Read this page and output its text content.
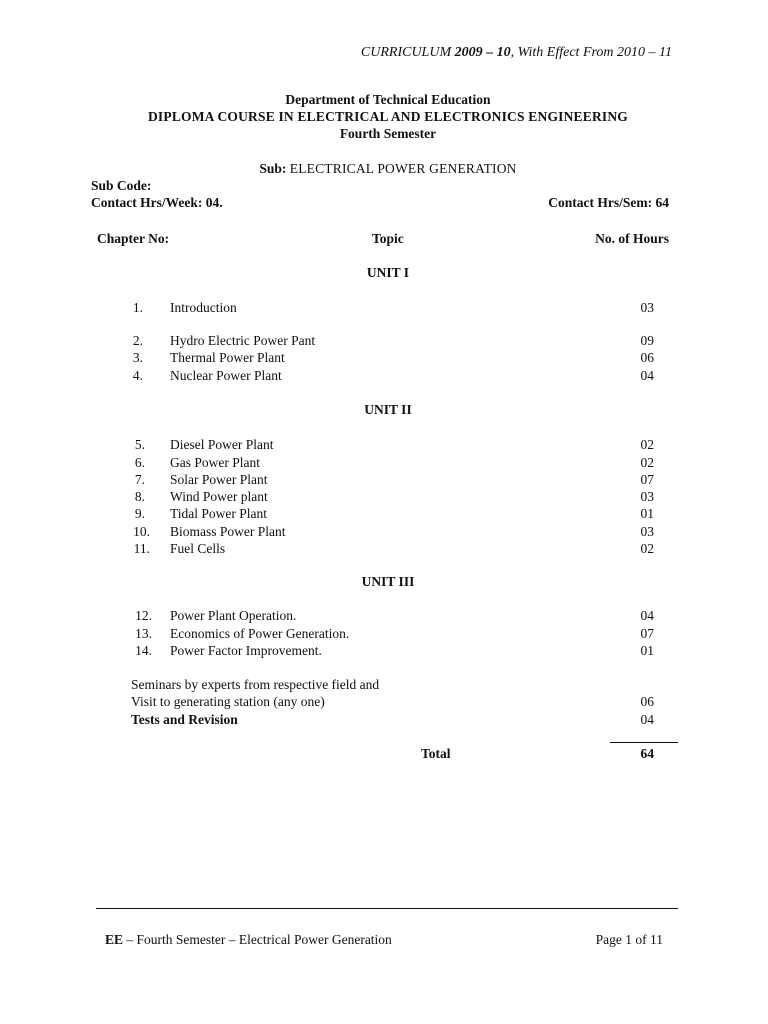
CURRICULUM 2009 – 10, With Effect From 2010 – 11
Department of Technical Education
DIPLOMA COURSE IN ELECTRICAL AND ELECTRONICS ENGINEERING
Fourth Semester
Sub: ELECTRICAL POWER GENERATION
Sub Code:
Contact Hrs/Week: 04.	Contact Hrs/Sem: 64
Chapter No:	Topic	No. of Hours
UNIT I
1. Introduction	03
2. Hydro Electric Power Pant	09
3. Thermal Power Plant	06
4. Nuclear Power Plant	04
UNIT II
5. Diesel Power Plant	02
6. Gas Power Plant	02
7. Solar Power Plant	07
8. Wind Power plant	03
9. Tidal Power Plant	01
10. Biomass Power Plant	03
11. Fuel Cells	02
UNIT III
12. Power Plant Operation.	04
13. Economics of Power Generation.	07
14. Power Factor Improvement.	01
Seminars by experts from respective field and
Visit to generating station (any one)	06
Tests and Revision	04
Total	64
EE – Fourth Semester – Electrical Power Generation	Page 1 of 11
